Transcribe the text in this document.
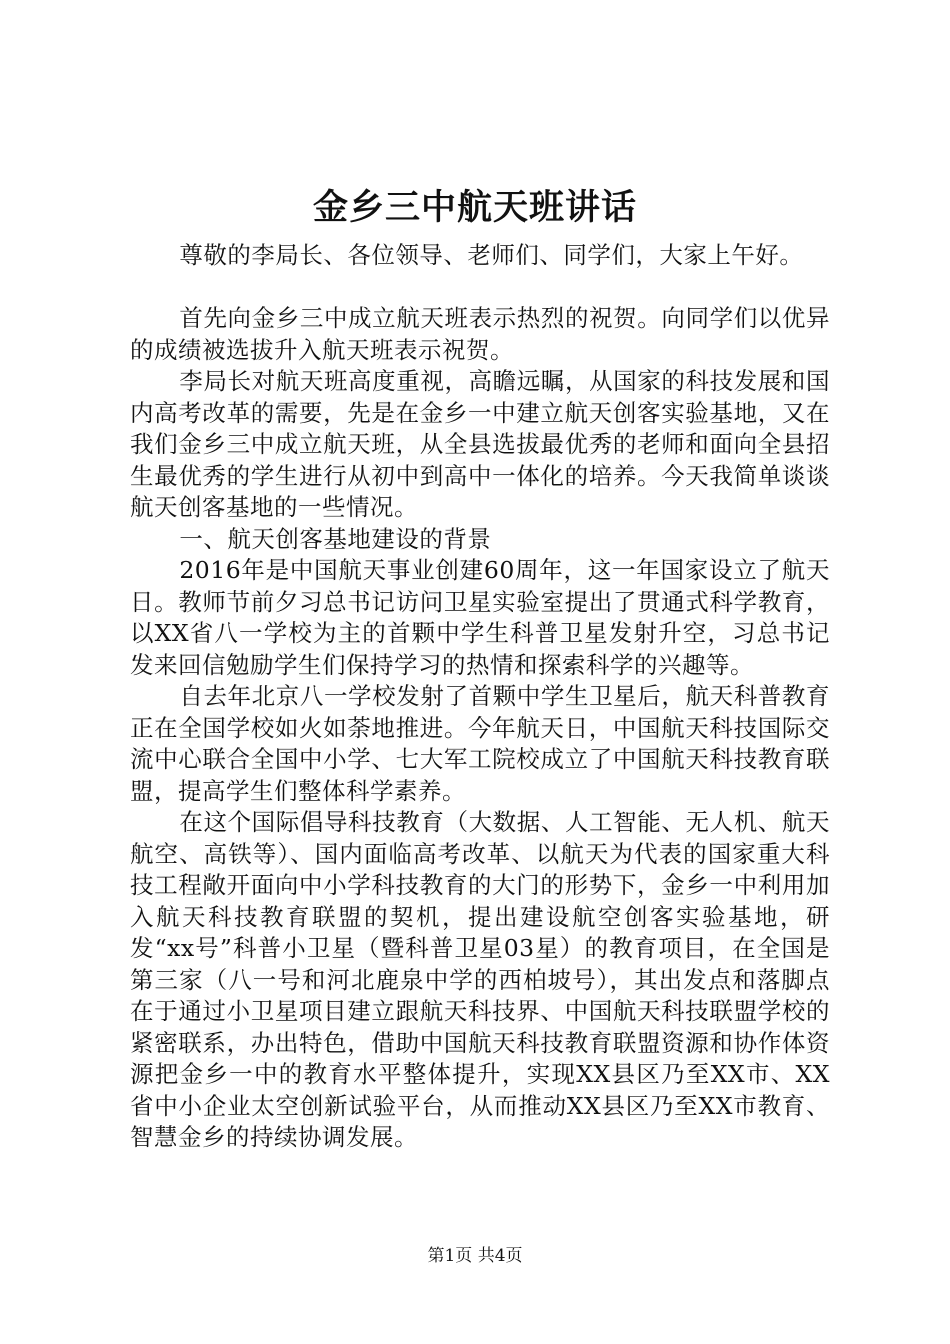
金乡三中航天班讲话

尊敬的李局长、各位领导、老师们、同学们，大家上午好。

首先向金乡三中成立航天班表示热烈的祝贺。向同学们以优异的成绩被选拔升入航天班表示祝贺。

李局长对航天班高度重视，高瞻远瞩，从国家的科技发展和国内高考改革的需要，先是在金乡一中建立航天创客实验基地，又在我们金乡三中成立航天班，从全县选拔最优秀的老师和面向全县招生最优秀的学生进行从初中到高中一体化的培养。今天我简单谈谈航天创客基地的一些情况。

一、航天创客基地建设的背景

2016年是中国航天事业创建60周年，这一年国家设立了航天日。教师节前夕习总书记访问卫星实验室提出了贯通式科学教育，以XX省八一学校为主的首颗中学生科普卫星发射升空，习总书记发来回信勉励学生们保持学习的热情和探索科学的兴趣等。

自去年北京八一学校发射了首颗中学生卫星后，航天科普教育正在全国学校如火如荼地推进。今年航天日，中国航天科技国际交流中心联合全国中小学、七大军工院校成立了中国航天科技教育联盟，提高学生们整体科学素养。

在这个国际倡导科技教育（大数据、人工智能、无人机、航天航空、高铁等）、国内面临高考改革、以航天为代表的国家重大科技工程敞开面向中小学科技教育的大门的形势下，金乡一中利用加入航天科技教育联盟的契机，提出建设航空创客实验基地，研发“xx号”科普小卫星（暨科普卫星03星）的教育项目，在全国是第三家（八一号和河北鹿泉中学的西柏坡号），其出发点和落脚点在于通过小卫星项目建立跟航天科技界、中国航天科技联盟学校的紧密联系，办出特色，借助中国航天科技教育联盟资源和协作体资源把金乡一中的教育水平整体提升，实现XX县区乃至XX市、XX省中小企业太空创新试验平台，从而推动XX县区乃至XX市教育、智慧金乡的持续协调发展。

第1页 共4页
